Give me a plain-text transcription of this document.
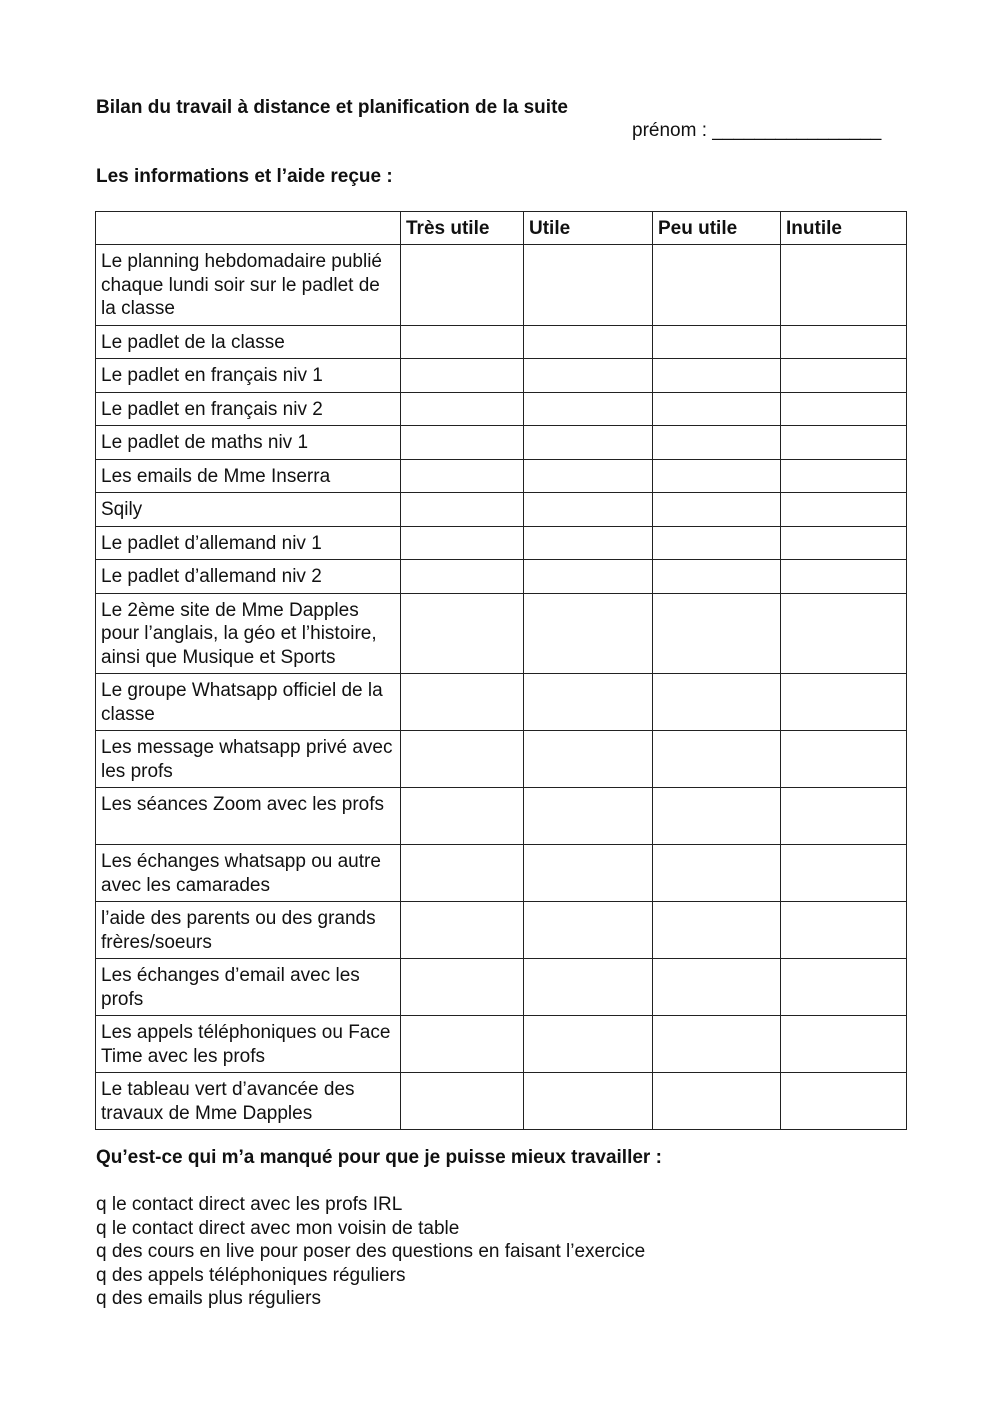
Bilan du travail à distance et planification de la suite
prénom : ________________
Les informations et l’aide reçue :
	Très utile	Utile	Peu utile	Inutile
Le planning hebdomadaire publié chaque lundi soir sur le padlet de la classe				
Le padlet de la classe				
Le padlet en français niv 1				
Le padlet en français niv 2				
Le padlet de maths niv 1				
Les emails de Mme Inserra				
Sqily				
Le padlet d’allemand niv 1				
Le padlet d’allemand niv 2				
Le 2ème site de Mme Dapples pour l’anglais, la géo et l’histoire, ainsi que Musique et Sports				
Le groupe Whatsapp officiel de la classe				
Les message whatsapp privé avec les profs				
Les séances Zoom avec les profs				
Les échanges whatsapp ou autre avec les camarades				
l’aide des parents ou des grands frères/soeurs				
Les échanges d’email avec les profs				
Les appels téléphoniques ou Face Time avec les profs				
Le tableau vert d’avancée des travaux de Mme Dapples				
Qu’est-ce qui m’a manqué pour que je puisse mieux travailler :
q le contact direct avec les profs IRL
q le contact direct avec mon voisin de table
q des cours en live pour poser des questions en faisant l’exercice
q des appels téléphoniques réguliers
q des emails plus réguliers
